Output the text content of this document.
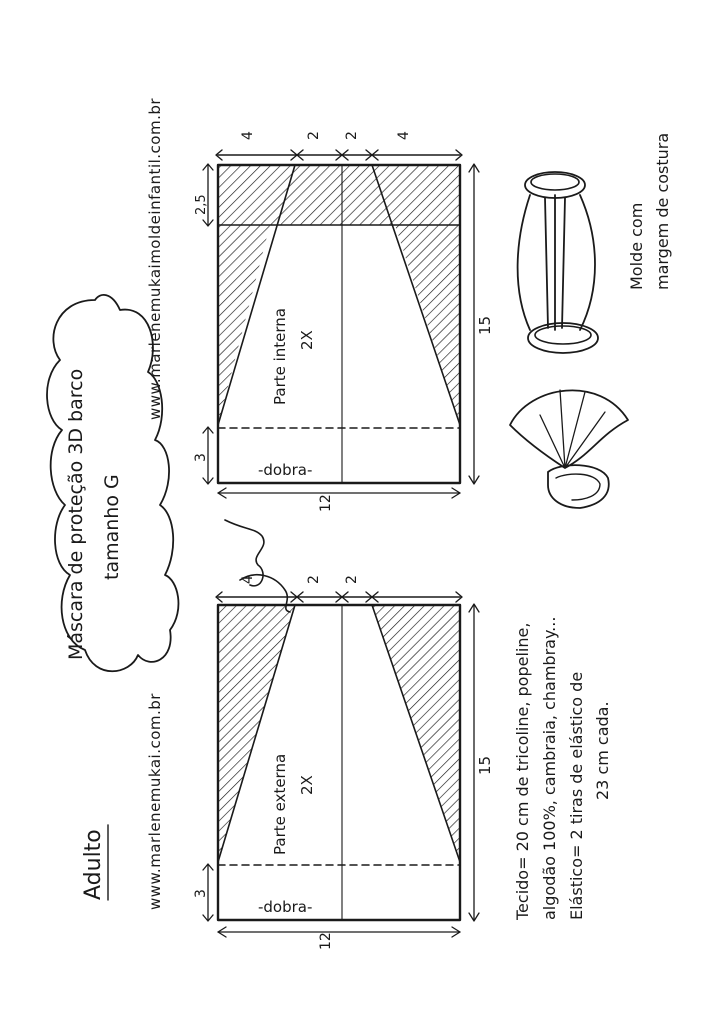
Máscara de proteção 3D barco tamanho G
www.marlenemukaimoldeinfantil.com.br
www.marlenemukai.com.br
Adulto
Parte interna 2X
-dobra-
4	2 2	4
2,5
3
15
12
Parte externa 2X
-dobra-
4	2 2
3
15
12
Molde com margem de costura
Tecido= 20 cm de tricoline, popeline, algodão 100%, cambraia, chambray... Elástico= 2 tiras de elástico de 23 cm cada.
